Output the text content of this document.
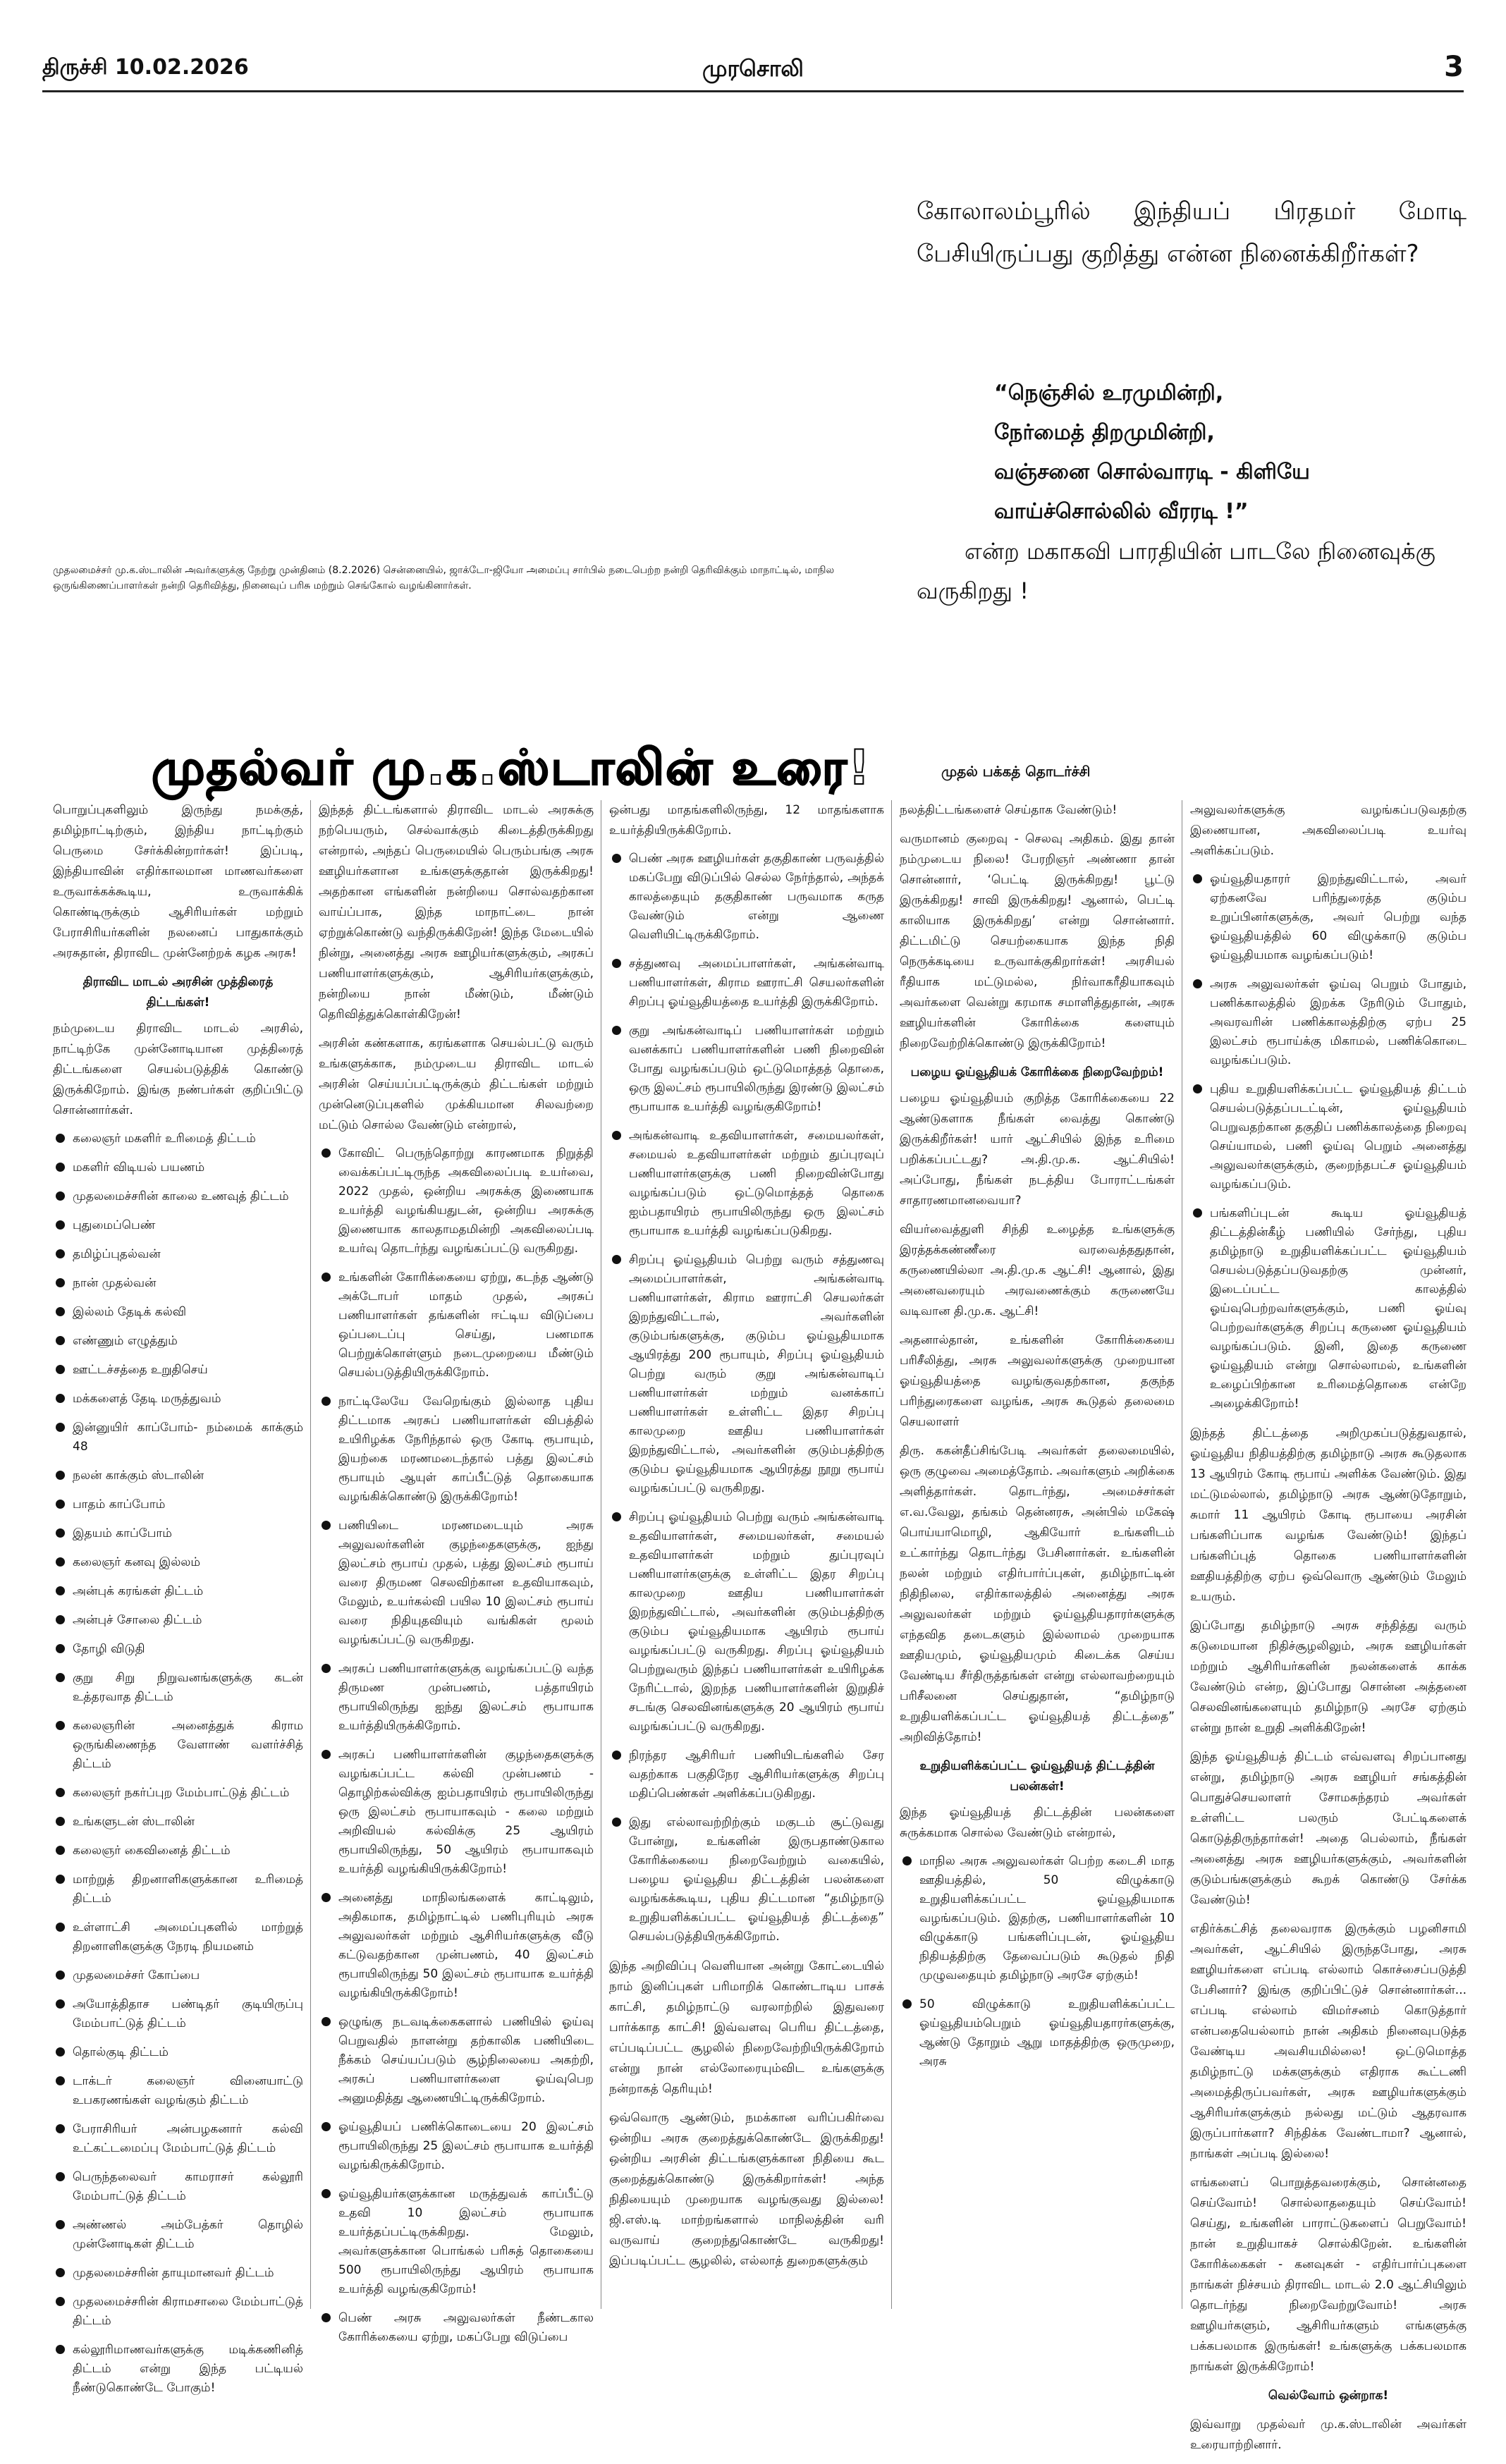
திருச்சி 10.02.2026	முரசொலி	3
கோலாலம்பூரில் இந்தியப் பிரதமர் மோடி பேசியிருப்பது குறித்து என்ன நினைக்கிறீர்கள்?
“நெஞ்சில் உரமுமின்றி,
நேர்மைத் திறமுமின்றி,
வஞ்சனை சொல்வாரடி - கிளியே
வாய்ச்சொல்லில் வீரரடி !”
என்ற மகாகவி பாரதியின் பாடலே நினைவுக்கு
வருகிறது !
முதலமைச்சர் மு.க.ஸ்டாலின் அவர்களுக்கு நேற்று முன்தினம் (8.2.2026) சென்னையில், ஜாக்டோ-ஜியோ அமைப்பு சார்பில் நடைபெற்ற நன்றி தெரிவிக்கும் மாநாட்டில், மாநில ஒருங்கிணைப்பாளர்கள் நன்றி தெரிவித்து, நினைவுப் பரிசு மற்றும் செங்கோல் வழங்கினார்கள்.
முதல்வர் மு.க.ஸ்டாலின் உரை!	முதல் பக்கத் தொடர்ச்சி

பொறுப்புகளிலும் இருந்து நமக்குத், தமிழ்நாட்டிற்கும், இந்திய நாட்டிற்கும் பெருமை சேர்க்கின்றார்கள்! இப்படி, இந்தியாவின் எதிர்காலமான மாணவர்களை உருவாக்கக்கூடிய, உருவாக்கிக் கொண்டிருக்கும் ஆசிரியர்கள் மற்றும் பேராசிரியர்களின் நலனைப் பாதுகாக்கும் அரசுதான், திராவிட முன்னேற்றக் கழக அரசு!

திராவிட மாடல் அரசின் முத்திரைத் திட்டங்கள்!

நம்முடைய திராவிட மாடல் அரசில், நாட்டிற்கே முன்னோடியான முத்திரைத் திட்டங்களை செயல்படுத்திக் கொண்டு இருக்கிறோம். இங்கு நண்பர்கள் குறிப்பிட்டு சொன்னார்கள்.

கலைஞர் மகளிர் உரிமைத் திட்டம்
மகளிர் விடியல் பயணம்
முதலமைச்சரின் காலை உணவுத் திட்டம்
புதுமைப்பெண்
தமிழ்ப்புதல்வன்
நான் முதல்வன்
இல்லம் தேடிக் கல்வி
எண்ணும் எழுத்தும்
ஊட்டச்சத்தை உறுதிசெய்
மக்களைத் தேடி மருத்துவம்
இன்னுயிர் காப்போம்- நம்மைக் காக்கும் 48
நலன் காக்கும் ஸ்டாலின்
பாதம் காப்போம்
இதயம் காப்போம்
கலைஞர் கனவு இல்லம்
அன்புக் கரங்கள் திட்டம்
அன்புச் சோலை திட்டம்
தோழி விடுதி
குறு சிறு நிறுவனங்களுக்கு கடன் உத்தரவாத திட்டம்
கலைஞரின் அனைத்துக் கிராம ஒருங்கிணைந்த வேளாண் வளர்ச்சித் திட்டம்
கலைஞர் நகர்ப்புற மேம்பாட்டுத் திட்டம்
உங்களுடன் ஸ்டாலின்
கலைஞர் கைவினைத் திட்டம்
மாற்றுத் திறனாளிகளுக்கான உரிமைத் திட்டம்
உள்ளாட்சி அமைப்புகளில் மாற்றுத் திறனாளிகளுக்கு நேரடி நியமனம்
முதலமைச்சர் கோப்பை
அயோத்திதாச பண்டிதர் குடியிருப்பு மேம்பாட்டுத் திட்டம்
தொல்குடி திட்டம்
டாக்டர் கலைஞர் வினையாட்டு உபகரணங்கள் வழங்கும் திட்டம்
பேராசிரியர் அன்பழகனார் கல்வி உட்கட்டமைப்பு மேம்பாட்டுத் திட்டம்
பெருந்தலைவர் காமராசர் கல்லூரி மேம்பாட்டுத் திட்டம்
அண்ணல் அம்பேத்கர் தொழில் முன்னோடிகள் திட்டம்
முதலமைச்சரின் தாயுமானவர் திட்டம்
முதலமைச்சரின் கிராமசாலை மேம்பாட்டுத் திட்டம்
கல்லூரிமாணவர்களுக்கு மடிக்கணினித் திட்டம் என்று இந்த பட்டியல் நீண்டுகொண்டே போகும்!

இந்தத் திட்டங்களால் திராவிட மாடல் அரசுக்கு நற்பெயரும், செல்வாக்கும் கிடைத்திருக்கிறது என்றால், அந்தப் பெருமையில் பெரும்பங்கு அரசு ஊழியர்களான உங்களுக்குதான் இருக்கிறது! அதற்கான எங்களின் நன்றியை சொல்வதற்கான வாய்ப்பாக, இந்த மாநாட்டை நான் ஏற்றுக்கொண்டு வந்திருக்கிறேன்! இந்த மேடையில் நின்று, அனைத்து அரசு ஊழியர்களுக்கும், அரசுப் பணியாளர்களுக்கும், ஆசிரியர்களுக்கும், நன்றியை நான் மீண்டும், மீண்டும் தெரிவித்துக்கொள்கிறேன்!

அரசின் கண்களாக, கரங்களாக செயல்பட்டு வரும் உங்களுக்காக, நம்முடைய திராவிட மாடல் அரசின் செய்யப்பட்டிருக்கும் திட்டங்கள் மற்றும் முன்னெடுப்புகளில் முக்கியமான சிலவற்றை மட்டும் சொல்ல வேண்டும் என்றால்,

கோவிட் பெருந்தொற்று காரணமாக நிறுத்தி வைக்கப்பட்டிருந்த அகவிலைப்படி உயர்வை, 2022 முதல், ஒன்றிய அரசுக்கு இணையாக உயர்த்தி வழங்கியதுடன், ஒன்றிய அரசுக்கு இணையாக காலதாமதமின்றி அகவிலைப்படி உயர்வு தொடர்ந்து வழங்கப்பட்டு வருகிறது.
உங்களின் கோரிக்கையை ஏற்று, கடந்த ஆண்டு அக்டோபர் மாதம் முதல், அரசுப் பணியாளர்கள் தங்களின் ஈட்டிய விடுப்பை ஒப்படைப்பு செய்து, பணமாக பெற்றுக்கொள்ளும் நடைமுறையை மீண்டும் செயல்படுத்தியிருக்கிறோம்.
நாட்டிலேயே வேறெங்கும் இல்லாத புதிய திட்டமாக அரசுப் பணியாளர்கள் விபத்தில் உயிரிழக்க நேரிந்தால் ஒரு கோடி ரூபாயும், இயற்கை மரணமடைந்தால் பத்து இலட்சம் ரூபாயும் ஆயுள் காப்பீட்டுத் தொகையாக வழங்கிக்கொண்டு இருக்கிறோம்!
பணியிடை மரணமடையும் அரசு அலுவலர்களின் குழந்தைகளுக்கு, ஐந்து இலட்சம் ரூபாய் முதல், பத்து இலட்சம் ரூபாய் வரை திருமண செலவிற்கான உதவியாகவும், மேலும், உயர்கல்வி பயில 10 இலட்சம் ரூபாய் வரை நிதியுதவியும் வங்கிகள் மூலம் வழங்கப்பட்டு வருகிறது.
அரசுப் பணியாளர்களுக்கு வழங்கப்பட்டு வந்த திருமண முன்பணம், பத்தாயிரம் ரூபாயிலிருந்து ஐந்து இலட்சம் ரூபாயாக உயர்த்தியிருக்கிறோம்.
அரசுப் பணியாளர்களின் குழந்தைகளுக்கு வழங்கப்பட்ட கல்வி முன்பணம் - தொழிற்கல்விக்கு ஐம்பதாயிரம் ரூபாயிலிருந்து ஒரு இலட்சம் ரூபாயாகவும் - கலை மற்றும் அறிவியல் கல்விக்கு 25 ஆயிரம் ரூபாயிலிருந்து, 50 ஆயிரம் ரூபாயாகவும் உயர்த்தி வழங்கியிருக்கிறோம்!
அனைத்து மாநிலங்களைக் காட்டிலும், அதிகமாக, தமிழ்நாட்டில் பணிபுரியும் அரசு அலுவலர்கள் மற்றும் ஆசிரியர்களுக்கு வீடு கட்டுவதற்கான முன்பணம், 40 இலட்சம் ரூபாயிலிருந்து 50 இலட்சம் ரூபாயாக உயர்த்தி வழங்கியிருக்கிறோம்!
ஒழுங்கு நடவடிக்கைகளால் பணியில் ஓய்வு பெறுவதில் நாளன்று தற்காலிக பணியிடை நீக்கம் செய்யப்படும் சூழ்நிலையை அகற்றி, அரசுப் பணியாளர்களை ஓய்வுபெற அனுமதித்து ஆணையிட்டிருக்கிறோம்.
ஓய்வூதியப் பணிக்கொடையை 20 இலட்சம் ரூபாயிலிருந்து 25 இலட்சம் ரூபாயாக உயர்த்தி வழங்கிருக்கிறோம்.
ஓய்வூதியர்களுக்கான மருத்துவக் காப்பீட்டு உதவி 10 இலட்சம் ரூபாயாக உயர்த்தப்பட்டிருக்கிறது. மேலும், அவர்களுக்கான பொங்கல் பரிசுத் தொகையை 500 ரூபாயிலிருந்து ஆயிரம் ரூபாயாக உயர்த்தி வழங்குகிறோம்!
பெண் அரசு அலுவலர்கள் நீண்டகால கோரிக்கையை ஏற்று, மகப்பேறு விடுப்பை

ஒன்பது மாதங்களிலிருந்து, 12 மாதங்களாக உயர்த்தியிருக்கிறோம்.

பெண் அரசு ஊழியர்கள் தகுதிகாண் பருவத்தில் மகப்பேறு விடுப்பில் செல்ல நேர்ந்தால், அந்தக் காலத்தையும் தகுதிகாண் பருவமாக கருத வேண்டும் என்று ஆணை வெளியிட்டிருக்கிறோம்.
சத்துணவு அமைப்பாளர்கள், அங்கன்வாடி பணியாளர்கள், கிராம ஊராட்சி செயலர்களின் சிறப்பு ஓய்வூதியத்தை உயர்த்தி இருக்கிறோம்.
குறு அங்கன்வாடிப் பணியாளர்கள் மற்றும் வனக்காப் பணியாளர்களின் பணி நிறைவின் போது வழங்கப்படும் ஒட்டுமொத்தத் தொகை, ஒரு இலட்சம் ரூபாயிலிருந்து இரண்டு இலட்சம் ரூபாயாக உயர்த்தி வழங்குகிறோம்!
அங்கன்வாடி உதவியாளர்கள், சமையலர்கள், சமையல் உதவியாளர்கள் மற்றும் துப்புரவுப் பணியாளர்களுக்கு பணி நிறைவின்போது வழங்கப்படும் ஒட்டுமொத்தத் தொகை ஐம்பதாயிரம் ரூபாயிலிருந்து ஒரு இலட்சம் ரூபாயாக உயர்த்தி வழங்கப்படுகிறது.
சிறப்பு ஓய்வூதியம் பெற்று வரும் சத்துணவு அமைப்பாளர்கள், அங்கன்வாடி பணியாளர்கள், கிராம ஊராட்சி செயலர்கள் இறந்துவிட்டால், அவர்களின் குடும்பங்களுக்கு, குடும்ப ஓய்வூதியமாக ஆயிரத்து 200 ரூபாயும், சிறப்பு ஓய்வூதியம் பெற்று வரும் குறு அங்கன்வாடிப் பணியாளர்கள் மற்றும் வனக்காப் பணியாளர்கள் உள்ளிட்ட இதர சிறப்பு காலமுறை ஊதிய பணியாளர்கள் இறந்துவிட்டால், அவர்களின் குடும்பத்திற்கு குடும்ப ஓய்வூதியமாக ஆயிரத்து நூறு ரூபாய் வழங்கப்பட்டு வருகிறது.
சிறப்பு ஓய்வூதியம் பெற்று வரும் அங்கன்வாடி உதவியாளர்கள், சமையலர்கள், சமையல் உதவியாளர்கள் மற்றும் துப்புரவுப் பணியாளர்களுக்கு உள்ளிட்ட இதர சிறப்பு காலமுறை ஊதிய பணியாளர்கள் இறந்துவிட்டால், அவர்களின் குடும்பத்திற்கு குடும்ப ஓய்வூதியமாக ஆயிரம் ரூபாய் வழங்கப்பட்டு வருகிறது. சிறப்பு ஓய்வூதியம் பெற்றுவரும் இந்தப் பணியாளர்கள் உயிரிழக்க நேரிட்டால், இறந்த பணியாளர்களின் இறுதிச் சடங்கு செலவினங்களுக்கு 20 ஆயிரம் ரூபாய் வழங்கப்பட்டு வருகிறது.
நிரந்தர ஆசிரியர் பணியிடங்களில் சேர வதற்காக பகுதிநேர ஆசிரியர்களுக்கு சிறப்பு மதிப்பெண்கள் அளிக்கப்படுகிறது.
இது எல்லாவற்றிற்கும் மகுடம் சூட்டுவது போன்று, உங்களின் இருபதாண்டுகால கோரிக்கையை நிறைவேற்றும் வகையில், பழைய ஓய்வூதிய திட்டத்தின் பலன்களை வழங்கக்கூடிய, புதிய திட்டமான “தமிழ்நாடு உறுதியளிக்கப்பட்ட ஓய்வூதியத் திட்டத்தை” செயல்படுத்தியிருக்கிறோம்.

இந்த அறிவிப்பு வெளியான அன்று கோட்டையில் நாம் இனிப்புகள் பரிமாறிக் கொண்டாடிய பாசக் காட்சி, தமிழ்நாட்டு வரலாற்றில் இதுவரை பார்க்காத காட்சி! இவ்வளவு பெரிய திட்டத்தை, எப்படிப்பட்ட சூழலில் நிறைவேற்றியிருக்கிறோம் என்று நான் எல்லோரையும்விட உங்களுக்கு நன்றாகத் தெரியும்!

ஒவ்வொரு ஆண்டும், நமக்கான வரிப்பகிர்வை ஒன்றிய அரசு குறைத்துக்கொண்டே இருக்கிறது! ஒன்றிய அரசின் திட்டங்களுக்கான நிதியை கூட குறைத்துக்கொண்டு இருக்கிறார்கள்! அந்த நிதியையும் முறையாக வழங்குவது இல்லை! ஜி.எஸ்.டி மாற்றங்களால் மாநிலத்தின் வரி வருவாய் குறைந்துகொண்டே வருகிறது! இப்படிப்பட்ட சூழலில், எல்லாத் துறைகளுக்கும்

நலத்திட்டங்களைச் செய்தாக வேண்டும்!

வருமானம் குறைவு - செலவு அதிகம். இது தான் நம்முடைய நிலை! பேரறிஞர் அண்ணா தான் சொன்னார், ‘பெட்டி இருக்கிறது! பூட்டு இருக்கிறது! சாவி இருக்கிறது! ஆனால், பெட்டி காலியாக இருக்கிறது’ என்று சொன்னார். திட்டமிட்டு செயற்கையாக இந்த நிதி நெருக்கடியை உருவாக்குகிறார்கள்! அரசியல் ரீதியாக மட்டுமல்ல, நிர்வாகரீதியாகவும் அவர்களை வென்று கரமாக சமாளித்துதான், அரசு ஊழியர்களின் கோரிக்கை களையும் நிறைவேற்றிக்கொண்டு இருக்கிறோம்!

பழைய ஓய்வூதியக் கோரிக்கை நிறைவேற்றம்!

பழைய ஓய்வூதியம் குறித்த கோரிக்கையை 22 ஆண்டுகளாக நீங்கள் வைத்து கொண்டு இருக்கிறீர்கள்! யார் ஆட்சியில் இந்த உரிமை பறிக்கப்பட்டது? அ.தி.மு.க. ஆட்சியில்! அப்போது, நீங்கள் நடத்திய போராட்டங்கள் சாதாரணமானவையா?

வியர்வைத்துளி சிந்தி உழைத்த உங்களுக்கு இரத்தக்கண்ணீரை வரவைத்ததுதான், கருணையில்லா அ.தி.மு.க ஆட்சி! ஆனால், இது அனைவரையும் அரவணைக்கும் கருணையே வடிவான தி.மு.க. ஆட்சி!

அதனால்தான், உங்களின் கோரிக்கையை பரிசீலித்து, அரசு அலுவலர்களுக்கு முறையான ஓய்வூதியத்தை வழங்குவதற்கான, தகுந்த பரிந்துரைகளை வழங்க, அரசு கூடுதல் தலைமை செயலாளர்

திரு. ககன்தீப்சிங்பேடி அவர்கள் தலைமையில், ஒரு குழுவை அமைத்தோம். அவர்களும் அறிக்கை அளித்தார்கள். தொடர்ந்து, அமைச்சர்கள் எ.வ.வேலு, தங்கம் தென்னரசு, அன்பில் மகேஷ் பொய்யாமொழி, ஆகியோர் உங்களிடம் உட்கார்ந்து தொடர்ந்து பேசினார்கள். உங்களின் நலன் மற்றும் எதிர்பார்ப்புகள், தமிழ்நாட்டின் நிதிநிலை, எதிர்காலத்தில் அனைத்து அரசு அலுவலர்கள் மற்றும் ஓய்வூதியதாரர்களுக்கு எந்தவித தடைகளும் இல்லாமல் முறையாக ஊதியமும், ஓய்வூதியமும் கிடைக்க செய்ய வேண்டிய சீர்திருத்தங்கள் என்று எல்லாவற்றையும் பரிசீலனை செய்துதான், “தமிழ்நாடு உறுதியளிக்கப்பட்ட ஓய்வூதியத் திட்டத்தை” அறிவித்தோம்!

உறுதியளிக்கப்பட்ட ஓய்வூதியத் திட்டத்தின் பலன்கள்!

இந்த ஓய்வூதியத் திட்டத்தின் பலன்களை சுருக்கமாக சொல்ல வேண்டும் என்றால்,

மாநில அரசு அலுவலர்கள் பெற்ற கடைசி மாத ஊதியத்தில், 50 விழுக்காடு உறுதியளிக்கப்பட்ட ஓய்வூதியமாக வழங்கப்படும். இதற்கு, பணியாளர்களின் 10 விழுக்காடு பங்களிப்புடன், ஓய்வூதிய நிதியத்திற்கு தேவைப்படும் கூடுதல் நிதி முழுவதையும் தமிழ்நாடு அரசே ஏற்கும்!
50 விழுக்காடு உறுதியளிக்கப்பட்ட ஓய்வூதியம்பெறும் ஓய்வூதியதாரர்களுக்கு, ஆண்டு தோறும் ஆறு மாதத்திற்கு ஒருமுறை, அரசு

அலுவலர்களுக்கு வழங்கப்படுவதற்கு இணையான, அகவிலைப்படி உயர்வு அளிக்கப்படும்.

ஓய்வூதியதாரர் இறந்துவிட்டால், அவர் ஏற்கனவே பரிந்துரைத்த குடும்ப உறுப்பினர்களுக்கு, அவர் பெற்று வந்த ஓய்வூதியத்தில் 60 விழுக்காடு குடும்ப ஓய்வூதியமாக வழங்கப்படும்!
அரசு அலுவலர்கள் ஓய்வு பெறும் போதும், பணிக்காலத்தில் இறக்க நேரிடும் போதும், அவரவரின் பணிக்காலத்திற்கு ஏற்ப 25 இலட்சம் ரூபாய்க்கு மிகாமல், பணிக்கொடை வழங்கப்படும்.
புதிய உறுதியளிக்கப்பட்ட ஓய்வூதியத் திட்டம் செயல்படுத்தப்படட்டின், ஓய்வூதியம் பெறுவதற்கான தகுதிப் பணிக்காலத்தை நிறைவு செய்யாமல், பணி ஓய்வு பெறும் அனைத்து அலுவலர்களுக்கும், குறைந்தபட்ச ஓய்வூதியம் வழங்கப்படும்.
பங்களிப்புடன் கூடிய ஓய்வூதியத் திட்டத்தின்கீழ் பணியில் சேர்ந்து, புதிய தமிழ்நாடு உறுதியளிக்கப்பட்ட ஓய்வூதியம் செயல்படுத்தப்படுவதற்கு முன்னர், இடைப்பட்ட காலத்தில் ஓய்வுபெற்றவர்களுக்கும், பணி ஓய்வு பெற்றவர்களுக்கு சிறப்பு கருணை ஓய்வூதியம் வழங்கப்படும். இனி, இதை கருணை ஓய்வூதியம் என்று சொல்லாமல், உங்களின் உழைப்பிற்கான உரிமைத்தொகை என்றே அழைக்கிறோம்!

இந்தத் திட்டத்தை அறிமுகப்படுத்துவதால், ஓய்வூதிய நிதியத்திற்கு தமிழ்நாடு அரசு கூடுதலாக 13 ஆயிரம் கோடி ரூபாய் அளிக்க வேண்டும். இது மட்டுமல்லால், தமிழ்நாடு அரசு ஆண்டுதோறும், சுமார் 11 ஆயிரம் கோடி ரூபாயை அரசின் பங்களிப்பாக வழங்க வேண்டும்! இந்தப் பங்களிப்புத் தொகை பணியாளர்களின் ஊதியத்திற்கு ஏற்ப ஒவ்வொரு ஆண்டும் மேலும் உயரும்.

இப்போது தமிழ்நாடு அரசு சந்தித்து வரும் கடுமையான நிதிச்சூழலிலும், அரசு ஊழியர்கள் மற்றும் ஆசிரியர்களின் நலன்களைக் காக்க வேண்டும் என்ற, இப்போது சொன்ன அத்தனை செலவினங்களையும் தமிழ்நாடு அரசே ஏற்கும் என்று நான் உறுதி அளிக்கிறேன்!

இந்த ஓய்வூதியத் திட்டம் எவ்வளவு சிறப்பானது என்று, தமிழ்நாடு அரசு ஊழியர் சங்கத்தின் பொதுச்செயலாளர் சோமசுந்தரம் அவர்கள் உள்ளிட்ட பலரும் பேட்டிகளைக் கொடுத்திருந்தார்கள்! அதை பெல்லாம், நீங்கள் அனைத்து அரசு ஊழியர்களுக்கும், அவர்களின் குடும்பங்களுக்கும் கூறக் கொண்டு சேர்க்க வேண்டும்!

எதிர்க்கட்சித் தலைவராக இருக்கும் பழனிசாமி அவர்கள், ஆட்சியில் இருந்தபோது, அரசு ஊழியர்களை எப்படி எல்லாம் கொச்சைப்படுத்தி பேசினார்? இங்கு குறிப்பிட்டுச் சொன்னார்கள்... எப்படி எல்லாம் விமர்சனம் கொடுத்தார் என்பதையெல்லாம் நான் அதிகம் நினைவுபடுத்த வேண்டிய அவசியமில்லை! ஒட்டுமொத்த தமிழ்நாட்டு மக்களுக்கும் எதிராக கூட்டணி அமைத்திருப்பவர்கள், அரசு ஊழியர்களுக்கும் ஆசிரியர்களுக்கும் நல்லது மட்டும் ஆதரவாக இருப்பார்களா? சிந்திக்க வேண்டாமா? ஆனால், நாங்கள் அப்படி இல்லை!

எங்களைப் பொறுத்தவரைக்கும், சொன்னதை செய்வோம்! சொல்லாததையும் செய்வோம்! செய்து, உங்களின் பாராட்டுகளைப் பெறுவோம்! நான் உறுதியாகச் சொல்கிறேன். உங்களின் கோரிக்கைகள் - கனவுகள் - எதிர்பார்ப்புகளை நாங்கள் நிச்சயம் திராவிட மாடல் 2.0 ஆட்சியிலும் தொடர்ந்து நிறைவேற்றுவோம்! அரசு ஊழியர்களும், ஆசிரியர்களும் எங்களுக்கு பக்கபலமாக இருங்கள்! உங்களுக்கு பக்கபலமாக நாங்கள் இருக்கிறோம்!

வெல்வோம் ஒன்றாக!

இவ்வாறு முதல்வர் மு.க.ஸ்டாலின் அவர்கள் உரையாற்றினார்.
